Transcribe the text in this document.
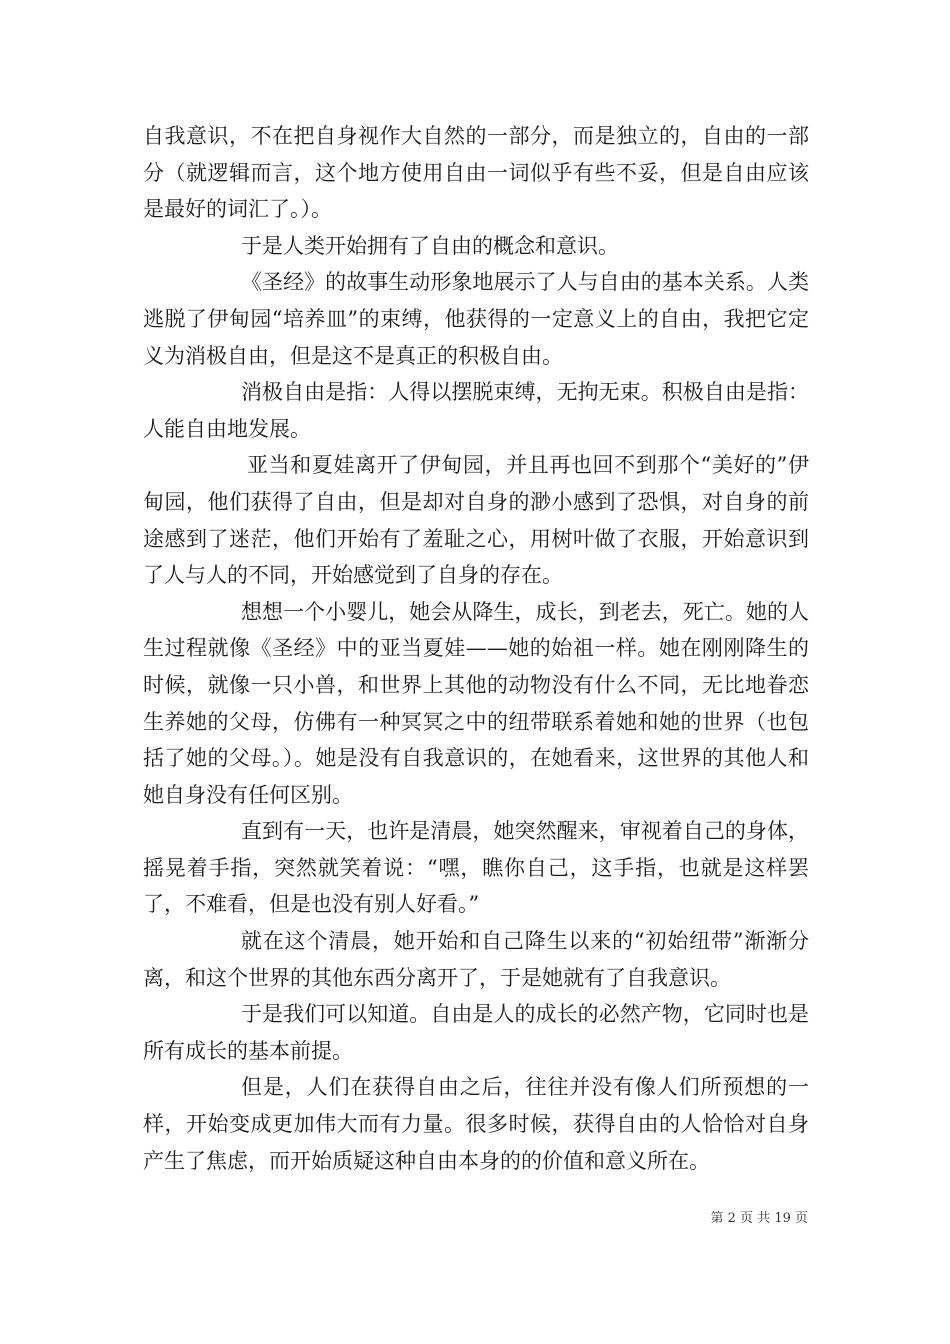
自我意识，不在把自身视作大自然的一部分，而是独立的，自由的一部分（就逻辑而言，这个地方使用自由一词似乎有些不妥，但是自由应该是最好的词汇了。）。

于是人类开始拥有了自由的概念和意识。

《圣经》的故事生动形象地展示了人与自由的基本关系。人类逃脱了伊甸园“培养皿”的束缚，他获得的一定意义上的自由，我把它定义为消极自由，但是这不是真正的积极自由。

消极自由是指：人得以摆脱束缚，无拘无束。积极自由是指：人能自由地发展。

亚当和夏娃离开了伊甸园，并且再也回不到那个“美好的”伊甸园，他们获得了自由，但是却对自身的渺小感到了恐惧，对自身的前途感到了迷茫，他们开始有了羞耻之心，用树叶做了衣服，开始意识到了人与人的不同，开始感觉到了自身的存在。

想想一个小婴儿，她会从降生，成长，到老去，死亡。她的人生过程就像《圣经》中的亚当夏娃——她的始祖一样。她在刚刚降生的时候，就像一只小兽，和世界上其他的动物没有什么不同，无比地眷恋生养她的父母，仿佛有一种冥冥之中的纽带联系着她和她的世界（也包括了她的父母。）。她是没有自我意识的，在她看来，这世界的其他人和她自身没有任何区别。

直到有一天，也许是清晨，她突然醒来，审视着自己的身体，摇晃着手指，突然就笑着说：“嘿，瞧你自己，这手指，也就是这样罢了，不难看，但是也没有别人好看。”

就在这个清晨，她开始和自己降生以来的“初始纽带”渐渐分离，和这个世界的其他东西分离开了，于是她就有了自我意识。

于是我们可以知道。自由是人的成长的必然产物，它同时也是所有成长的基本前提。

但是，人们在获得自由之后，往往并没有像人们所预想的一样，开始变成更加伟大而有力量。很多时候，获得自由的人恰恰对自身产生了焦虑，而开始质疑这种自由本身的的价值和意义所在。

第 2 页 共 19 页
